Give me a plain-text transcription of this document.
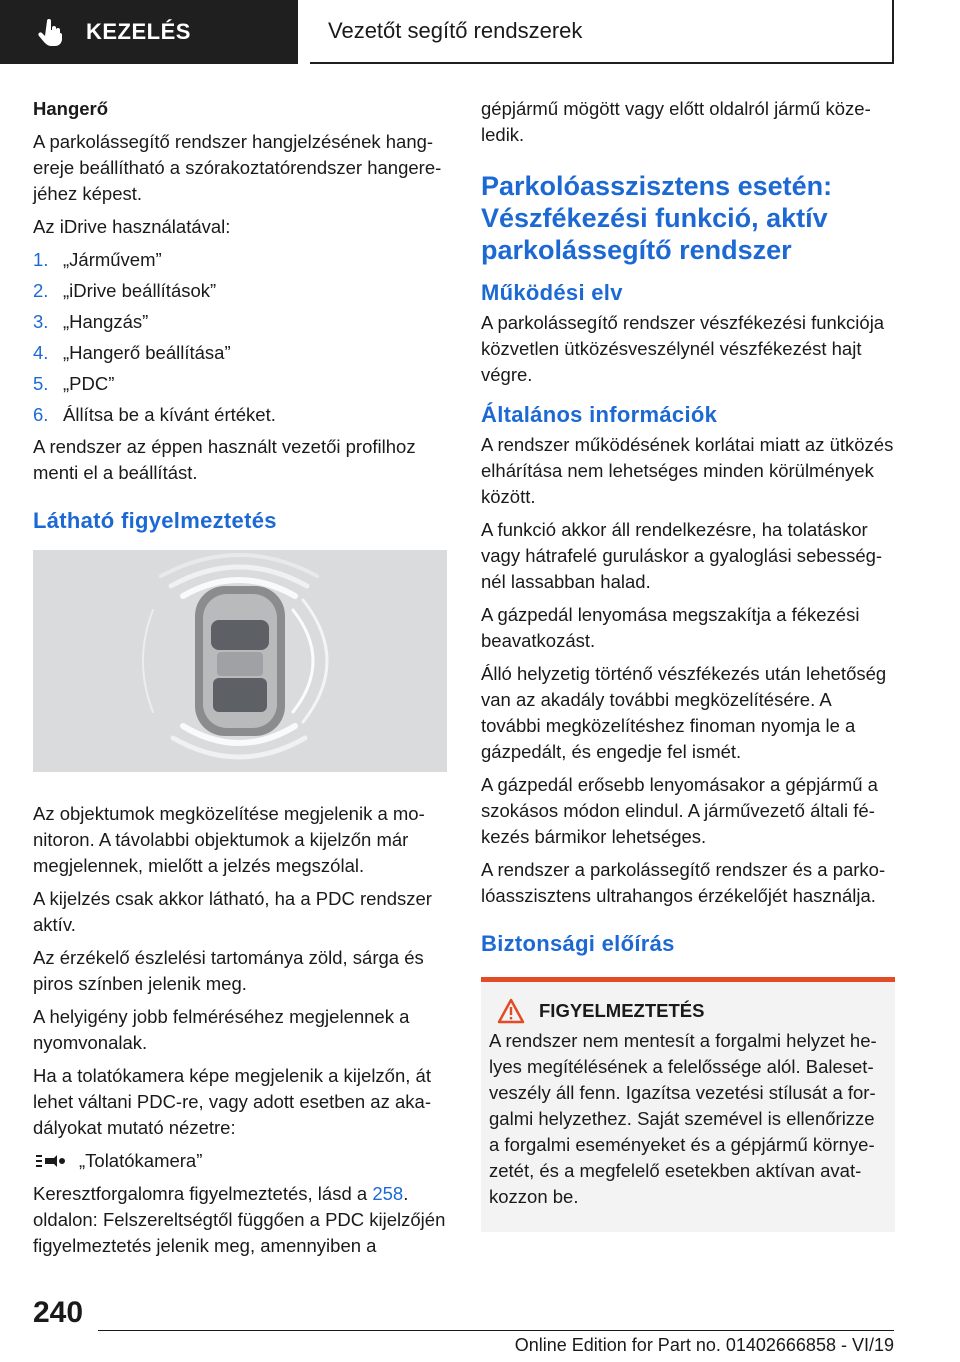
KEZELÉS	Vezetőt segítő rendszerek

Hangerő

A parkolássegítő rendszer hangjelzésének hangereje beállítható a szórakoztatórendszer hangerejéhez képest.

Az iDrive használatával:

1. „Járművem”
2. „iDrive beállítások”
3. „Hangzás”
4. „Hangerő beállítása”
5. „PDC”
6. Állítsa be a kívánt értéket.

A rendszer az éppen használt vezetői profilhoz menti el a beállítást.

Látható figyelmeztetés

Az objektumok megközelítése megjelenik a monitoron. A távolabbi objektumok a kijelzőn már megjelennek, mielőtt a jelzés megszólal.

A kijelzés csak akkor látható, ha a PDC rendszer aktív.

Az érzékelő észlelési tartománya zöld, sárga és piros színben jelenik meg.

A helyigény jobb felméréséhez megjelennek a nyomvonalak.

Ha a tolatókamera képe megjelenik a kijelzőn, át lehet váltani PDC-re, vagy adott esetben az akadályokat mutató nézetre:

„Tolatókamera”

Keresztforgalomra figyelmeztetés, lásd a 258. oldalon: Felszereltségtől függően a PDC kijelzőjén figyelmeztetés jelenik meg, amennyiben a

gépjármű mögött vagy előtt oldalról jármű közeledik.

Parkolóasszisztens esetén: Vészfékezési funkció, aktív parkolássegítő rendszer
Működési elv

A parkolássegítő rendszer vészfékezési funkciója közvetlen ütközésveszélynél vészfékezést hajt végre.

Általános információk

A rendszer működésének korlátai miatt az ütközés elhárítása nem lehetséges minden körülmények között.

A funkció akkor áll rendelkezésre, ha tolatáskor vagy hátrafelé guruláskor a gyaloglási sebességnél lassabban halad.

A gázpedál lenyomása megszakítja a fékezési beavatkozást.

Álló helyzetig történő vészfékezés után lehetőség van az akadály további megközelítésére. A további megközelítéshez finoman nyomja le a gázpedált, és engedje fel ismét.

A gázpedál erősebb lenyomásakor a gépjármű a szokásos módon elindul. A járművezető általi fékezés bármikor lehetséges.

A rendszer a parkolássegítő rendszer és a parkolóasszisztens ultrahangos érzékelőjét használja.

Biztonsági előírás
FIGYELMEZTETÉS

A rendszer nem mentesít a forgalmi helyzet helyes megítélésének a felelőssége alól. Balesetveszély áll fenn. Igazítsa vezetési stílusát a forgalmi helyzethez. Saját szemével is ellenőrizze a forgalmi eseményeket és a gépjármű környezetét, és a megfelelő esetekben aktívan avatkozzon be.

240
Online Edition for Part no. 01402666858 - VI/19
